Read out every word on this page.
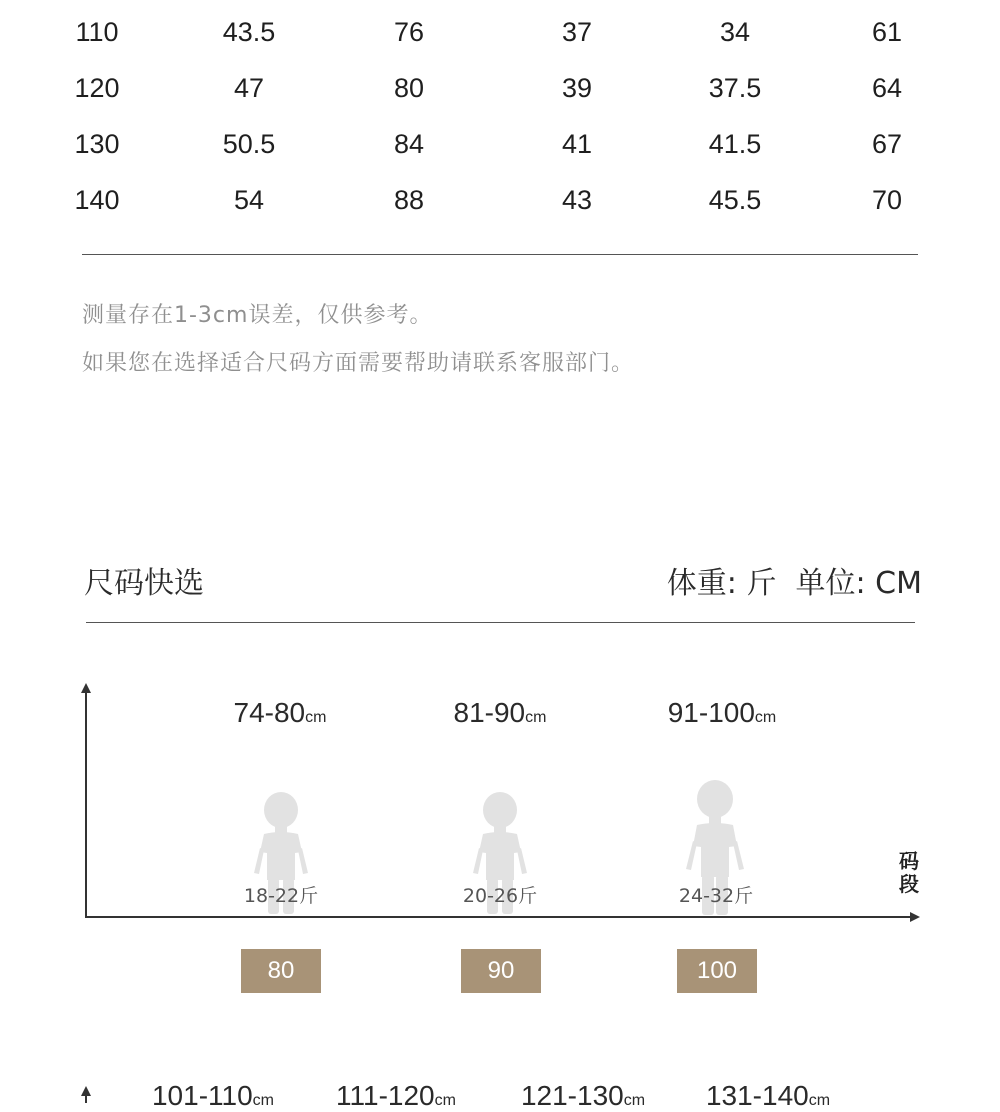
110	43.5	76	37	34	61
120	47	80	39	37.5	64
130	50.5	84	41	41.5	67
140	54	88	43	45.5	70
测量存在1-3cm误差，仅供参考。
如果您在选择适合尺码方面需要帮助请联系客服部门。
尺码快选	体重: 斤  单位: CM
码段
74-80cm
18-22斤
80
81-90cm
20-26斤
90
91-100cm
24-32斤
100
101-110cm	111-120cm	121-130cm	131-140cm
